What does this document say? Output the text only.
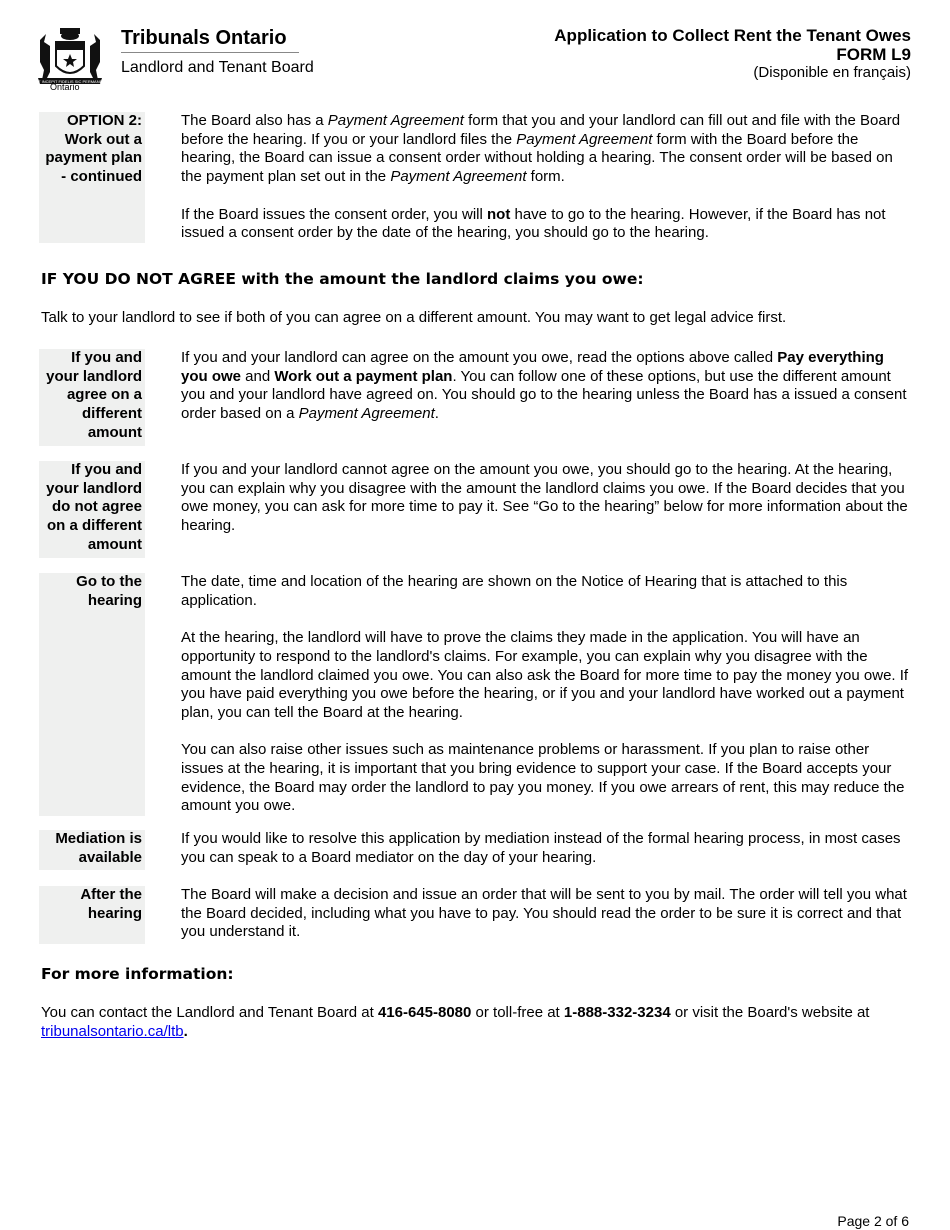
UT INCEPIT FIDELIS SIC PERMANET
Ontario
Tribunals Ontario
Landlord and Tenant Board
Application to Collect Rent the Tenant Owes
FORM L9
(Disponible en français)
OPTION 2: Work out a payment plan - continued

The Board also has a Payment Agreement form that you and your landlord can fill out and file with the Board before the hearing. If you or your landlord files the Payment Agreement form with the Board before the hearing, the Board can issue a consent order without holding a hearing. The consent order will be based on the payment plan set out in the Payment Agreement form.

If the Board issues the consent order, you will not have to go to the hearing. However, if the Board has not issued a consent order by the date of the hearing, you should go to the hearing.

IF YOU DO NOT AGREE with the amount the landlord claims you owe:
Talk to your landlord to see if both of you can agree on a different amount. You may want to get legal advice first.
If you and your landlord agree on a different amount

If you and your landlord can agree on the amount you owe, read the options above called Pay everything you owe and Work out a payment plan. You can follow one of these options, but use the different amount you and your landlord have agreed on. You should go to the hearing unless the Board has a issued a consent order based on a Payment Agreement.

If you and your landlord do not agree on a different amount

If you and your landlord cannot agree on the amount you owe, you should go to the hearing. At the hearing, you can explain why you disagree with the amount the landlord claims you owe. If the Board decides that you owe money, you can ask for more time to pay it. See “Go to the hearing” below for more information about the hearing.

Go to the hearing

The date, time and location of the hearing are shown on the Notice of Hearing that is attached to this application.

At the hearing, the landlord will have to prove the claims they made in the application. You will have an opportunity to respond to the landlord's claims. For example, you can explain why you disagree with the amount the landlord claimed you owe. You can also ask the Board for more time to pay the money you owe. If you have paid everything you owe before the hearing, or if you and your landlord have worked out a payment plan, you can tell the Board at the hearing.

You can also raise other issues such as maintenance problems or harassment. If you plan to raise other issues at the hearing, it is important that you bring evidence to support your case. If the Board accepts your evidence, the Board may order the landlord to pay you money. If you owe arrears of rent, this may reduce the amount you owe.

Mediation is available

If you would like to resolve this application by mediation instead of the formal hearing process, in most cases you can speak to a Board mediator on the day of your hearing.

After the hearing

The Board will make a decision and issue an order that will be sent to you by mail. The order will tell you what the Board decided, including what you have to pay. You should read the order to be sure it is correct and that you understand it.

For more information:
You can contact the Landlord and Tenant Board at 416-645-8080 or toll-free at 1-888-332-3234 or visit the Board's website at tribunalsontario.ca/ltb.
Page 2 of 6
